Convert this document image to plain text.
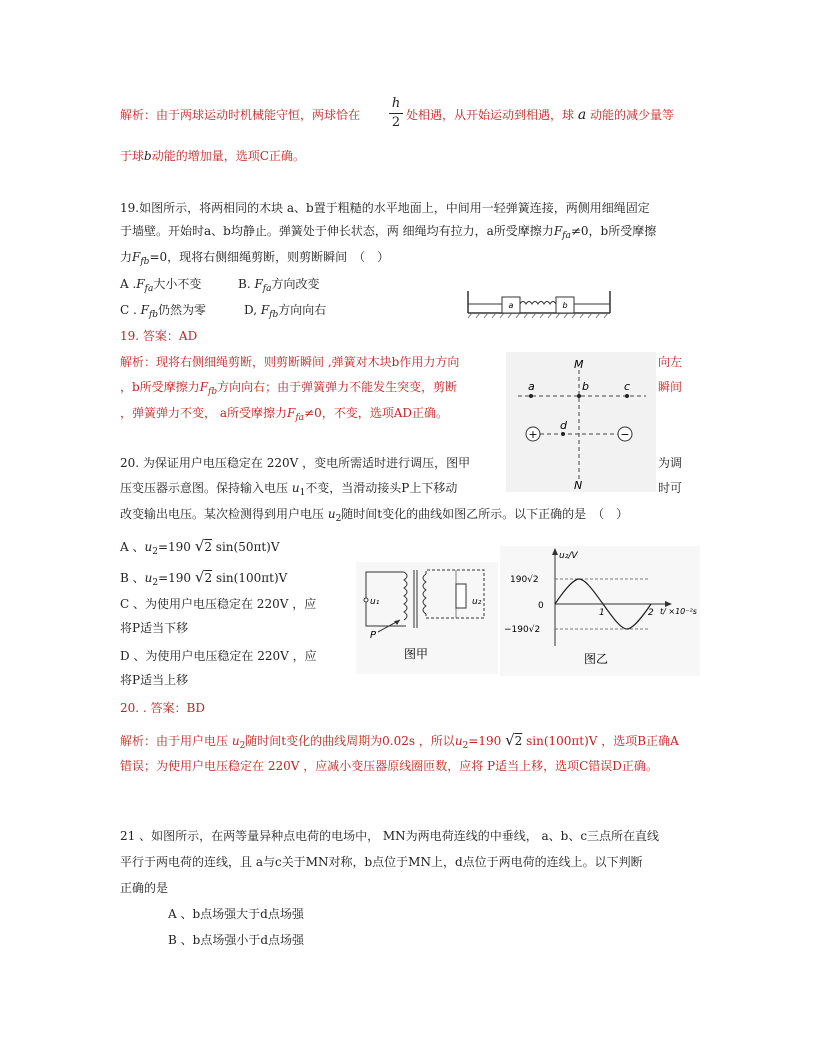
解析：由于两球运动时机械能守恒，两球恰在
h
2 处相遇，从开始运动到相遇，球 a 动能的减少量等
于球b动能的增加量，选项C正确。
19.如图所示，将两相同的木块 a、b置于粗糙的水平地面上，中间用一轻弹簧连接，两侧用细绳固定
于墙壁。开始时a、b均静止。弹簧处于伸长状态，两 细绳均有拉力，a所受摩擦力$F_{fa}\ne 0$，b所受摩擦
力$F_{fb}=0$，现将右侧细绳剪断，则剪断瞬间　（　）
A $.F_{fa}$大小不变	B. $F_{fa}$方向改变
C . $F_{fb}$仍然为零	D, $F_{fb}$方向向右	a	b
19. 答案：AD
解析：现将右侧细绳剪断，则剪断瞬间 ,弹簧对木块b作用力方向	向左
，b所受摩擦力$F_{fb}$方向向右；由于弹簧弹力不能发生突变，剪断	瞬间
，弹簧弹力不变， a所受摩擦力$F_{fa}\ne 0$，不变，选项AD正确。
M
N
a	b	c
d
+	−
20. 为保证用户电压稳定在 220V ，变电所需适时进行调压，图甲	为调
压变压器示意图。保持输入电压 $u_1$不变，当滑动接头P上下移动	时可
改变输出电压。某次检测得到用户电压 $u_2$随时间t变化的曲线如图乙所示。以下正确的是　（　）
A 、$u_2=190$ √2 sin(50πt)V
B 、$u_2=190$ √2 sin(100πt)V
C 、为使用户电压稳定在 220V ，应
将P适当下移
D 、为使用户电压稳定在 220V ，应
将P适当上移
u₁	u₂
P
图甲
u₂/V
190√2
0
−190√2
1	2 t/ ×10⁻²s
图乙
20. . 答案：BD
解析：由于用户电压 $u_2$随时间t变化的曲线周期为0.02s ，所以$u_2=190$ √2 sin(100πt)V ，选项B正确A
错误；为使用户电压稳定在 220V ，应减小变压器原线圈匝数，应将 P适当上移，选项C错误D正确。
21 、如图所示，在两等量异种点电荷的电场中， MN为两电荷连线的中垂线， a、b、c三点所在直线
平行于两电荷的连线，且 a与c关于MN对称，b点位于MN上，d点位于两电荷的连线上。以下判断
正确的是
A 、b点场强大于d点场强
B 、b点场强小于d点场强
